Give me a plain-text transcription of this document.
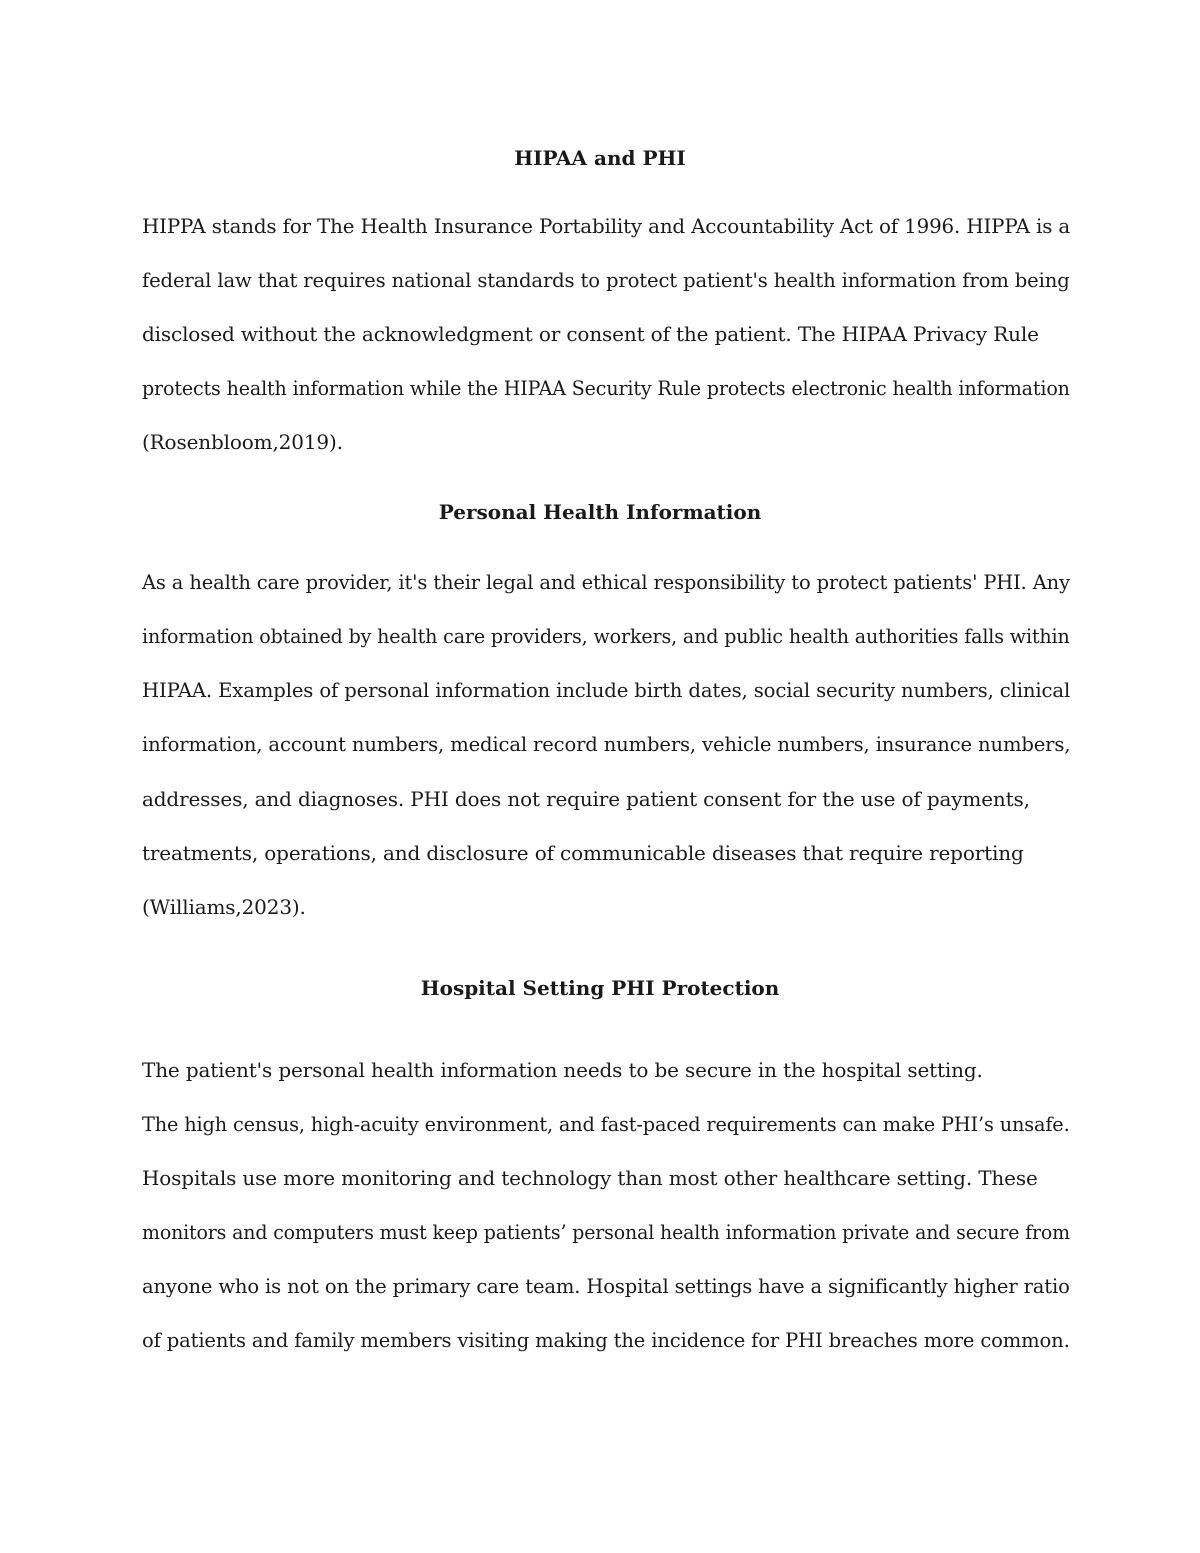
HIPAA and PHI

HIPPA stands for The Health Insurance Portability and Accountability Act of 1996. HIPPA is a

federal law that requires national standards to protect patient's health information from being

disclosed without the acknowledgment or consent of the patient. The HIPAA Privacy Rule

protects health information while the HIPAA Security Rule protects electronic health information

(Rosenbloom,2019).

Personal Health Information

As a health care provider, it's their legal and ethical responsibility to protect patients' PHI. Any

information obtained by health care providers, workers, and public health authorities falls within

HIPAA. Examples of personal information include birth dates, social security numbers, clinical

information, account numbers, medical record numbers, vehicle numbers, insurance numbers,

addresses, and diagnoses. PHI does not require patient consent for the use of payments,

treatments, operations, and disclosure of communicable diseases that require reporting

(Williams,2023).

Hospital Setting PHI Protection

The patient's personal health information needs to be secure in the hospital setting.

The high census, high-acuity environment, and fast-paced requirements can make PHI’s unsafe.

Hospitals use more monitoring and technology than most other healthcare setting. These

monitors and computers must keep patients’ personal health information private and secure from

anyone who is not on the primary care team. Hospital settings have a significantly higher ratio

of patients and family members visiting making the incidence for PHI breaches more common.
